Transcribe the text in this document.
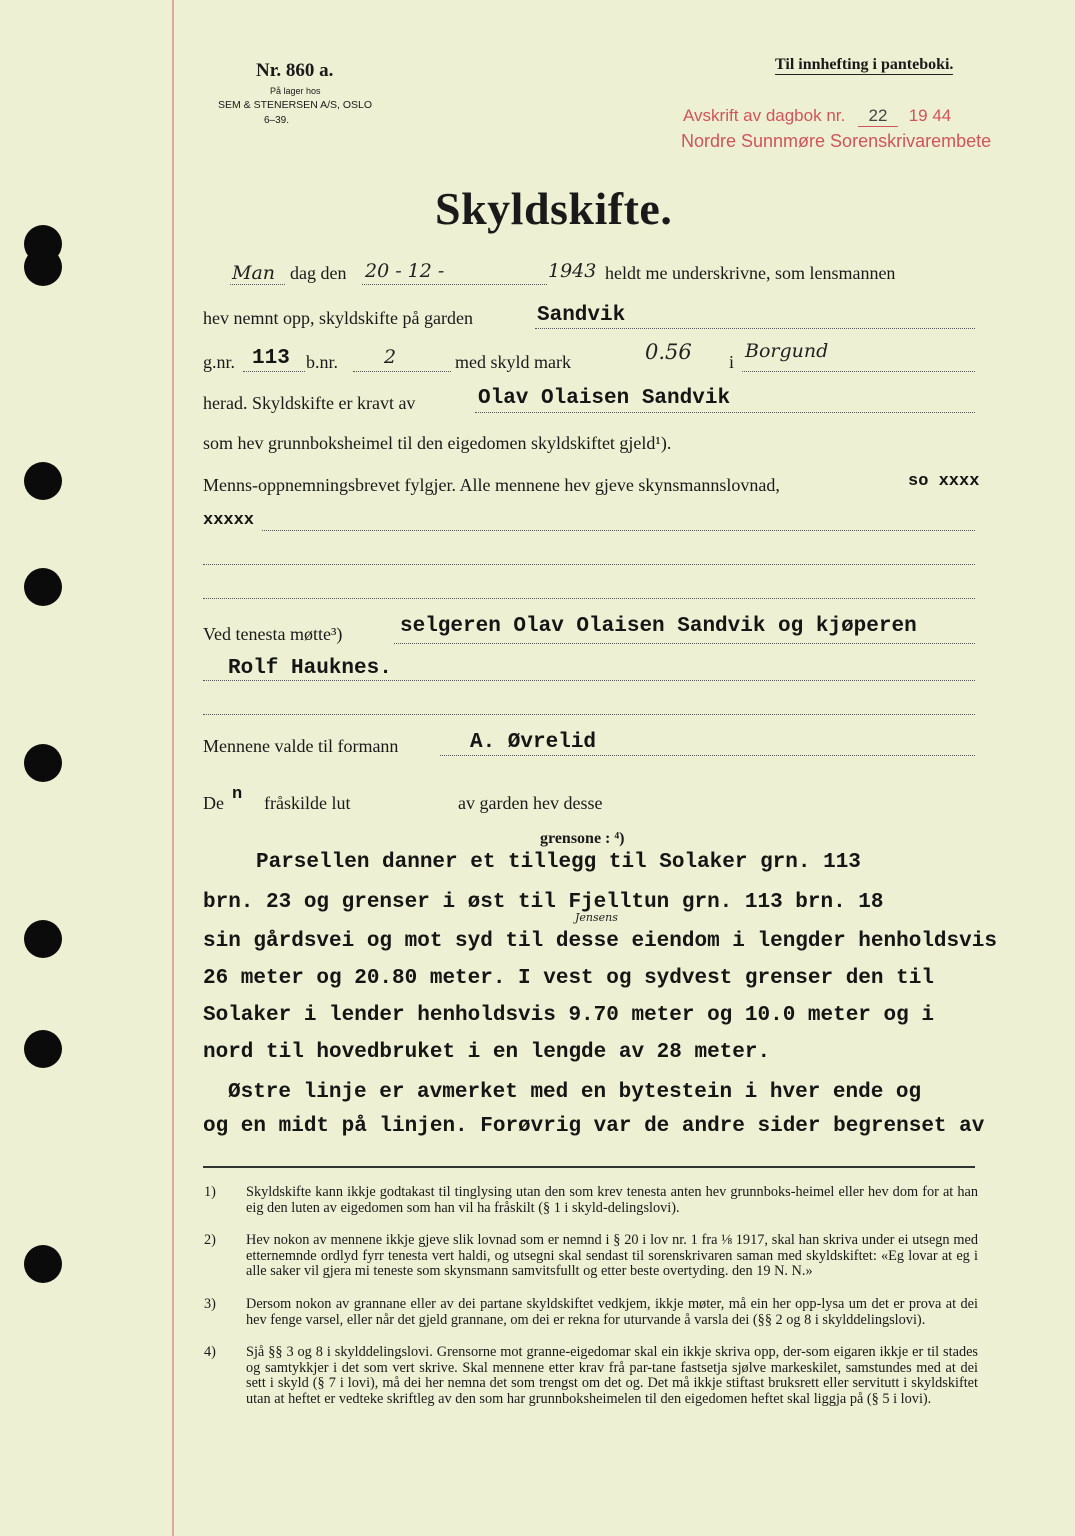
Nr. 860 a.
På lager hos
SEM & STENERSEN A/S, OSLO
6–39.
Til innhefting i panteboki.
Avskrift av dagbok nr. 22 19 44
Nordre Sunnmøre Sorenskrivarembete
Skyldskifte.
Man dag den 20 - 12 -	1943 heldt me underskrivne, som lensmannen
hev nemnt opp, skyldskifte på garden	Sandvik
g.nr. 113 b.nr. 2	med skyld mark	0.56 i Borgund
herad. Skyldskifte er kravt av	Olav Olaisen Sandvik
som hev grunnboksheimel til den eigedomen skyldskiftet gjeld¹).
Menns-oppnemningsbrevet fylgjer. Alle mennene hev gjeve skynsmannslovnad,	so xxxx
xxxxx
Ved tenesta møtte³)	selgeren Olav Olaisen Sandvik og kjøperen
Rolf Hauknes.
Mennene valde til formann	A. Øvrelid
De n fråskilde lut	av garden hev desse
grensone : ⁴)
Parsellen danner et tillegg til Solaker grn. 113
brn. 23 og grenser i øst til Fjelltun grn. 113 brn. 18
Jensens
sin gårdsvei og mot syd til desse eiendom i lengder henholdsvis
26 meter og 20.80 meter. I vest og sydvest grenser den til
Solaker i lender henholdsvis 9.70 meter og 10.0 meter og i
nord til hovedbruket i en lengde av 28 meter.
Østre linje er avmerket med en bytestein i hver ende og
og en midt på linjen. Forøvrig var de andre sider begrenset av
1) Skyldskifte kann ikkje godtakast til tinglysing utan den som krev tenesta anten hev grunnboks-heimel eller hev dom for at han eig den luten av eigedomen som han vil ha fråskilt (§ 1 i skyld-delingslovi).
2) Hev nokon av mennene ikkje gjeve slik lovnad som er nemnd i § 20 i lov nr. 1 fra ⅛ 1917, skal han skriva under ei utsegn med etternemnde ordlyd fyrr tenesta vert haldi, og utsegni skal sendast til sorenskrivaren saman med skyldskiftet: «Eg lovar at eg i alle saker vil gjera mi teneste som skynsmann samvitsfullt og etter beste overtyding. den 19 N. N.»
3) Dersom nokon av grannane eller av dei partane skyldskiftet vedkjem, ikkje møter, må ein her opp-lysa um det er prova at dei hev fenge varsel, eller når det gjeld grannane, om dei er rekna for uturvande å varsla dei (§§ 2 og 8 i skylddelingslovi).
4) Sjå §§ 3 og 8 i skylddelingslovi. Grensorne mot granne-eigedomar skal ein ikkje skriva opp, der-som eigaren ikkje er til stades og samtykkjer i det som vert skrive. Skal mennene etter krav frå par-tane fastsetja sjølve markeskilet, samstundes med at dei sett i skyld (§ 7 i lovi), må dei her nemna det som trengst om det og. Det må ikkje stiftast bruksrett eller servitutt i skyldskiftet utan at heftet er vedteke skriftleg av den som har grunnboksheimelen til den eigedomen heftet skal liggja på (§ 5 i lovi).
